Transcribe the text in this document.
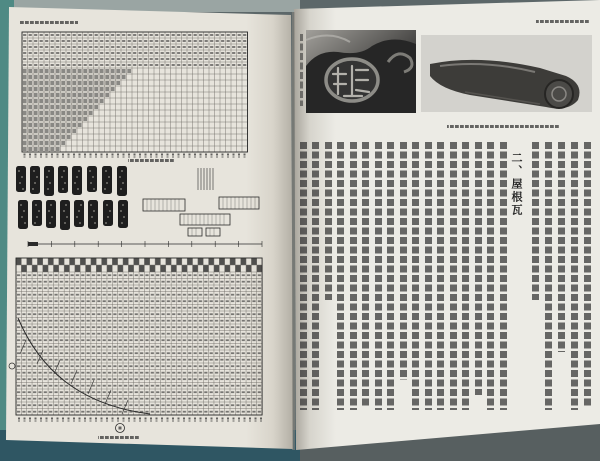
二、屋根瓦
